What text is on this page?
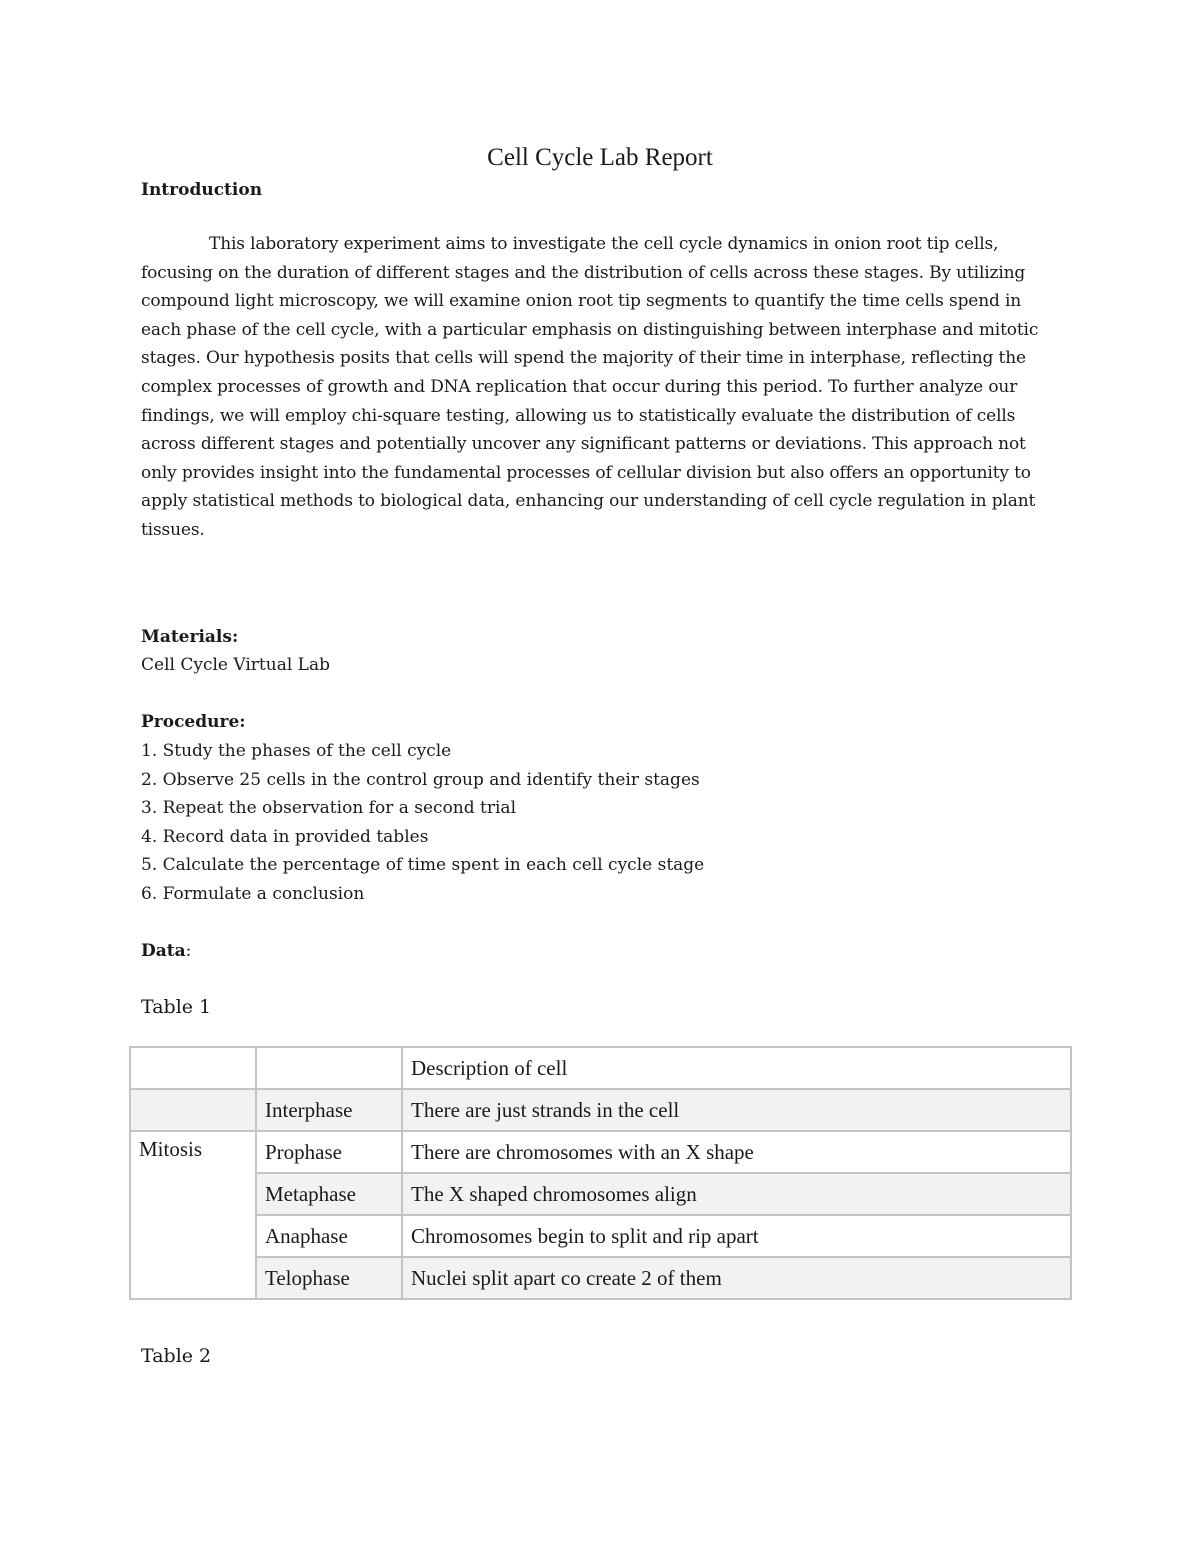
Cell Cycle Lab Report
Introduction
This laboratory experiment aims to investigate the cell cycle dynamics in onion root tip cells, focusing on the duration of different stages and the distribution of cells across these stages. By utilizing compound light microscopy, we will examine onion root tip segments to quantify the time cells spend in each phase of the cell cycle, with a particular emphasis on distinguishing between interphase and mitotic stages. Our hypothesis posits that cells will spend the majority of their time in interphase, reflecting the complex processes of growth and DNA replication that occur during this period. To further analyze our findings, we will employ chi-square testing, allowing us to statistically evaluate the distribution of cells across different stages and potentially uncover any significant patterns or deviations. This approach not only provides insight into the fundamental processes of cellular division but also offers an opportunity to apply statistical methods to biological data, enhancing our understanding of cell cycle regulation in plant tissues.
Materials:
Cell Cycle Virtual Lab
Procedure:
1. Study the phases of the cell cycle
2. Observe 25 cells in the control group and identify their stages
3. Repeat the observation for a second trial
4. Record data in provided tables
5. Calculate the percentage of time spent in each cell cycle stage
6. Formulate a conclusion
Data:
Table 1
		Description of cell
	Interphase	There are just strands in the cell
Mitosis	Prophase	There are chromosomes with an X shape
	Metaphase	The X shaped chromosomes align
	Anaphase	Chromosomes begin to split and rip apart
	Telophase	Nuclei split apart co create 2 of them
Table 2
